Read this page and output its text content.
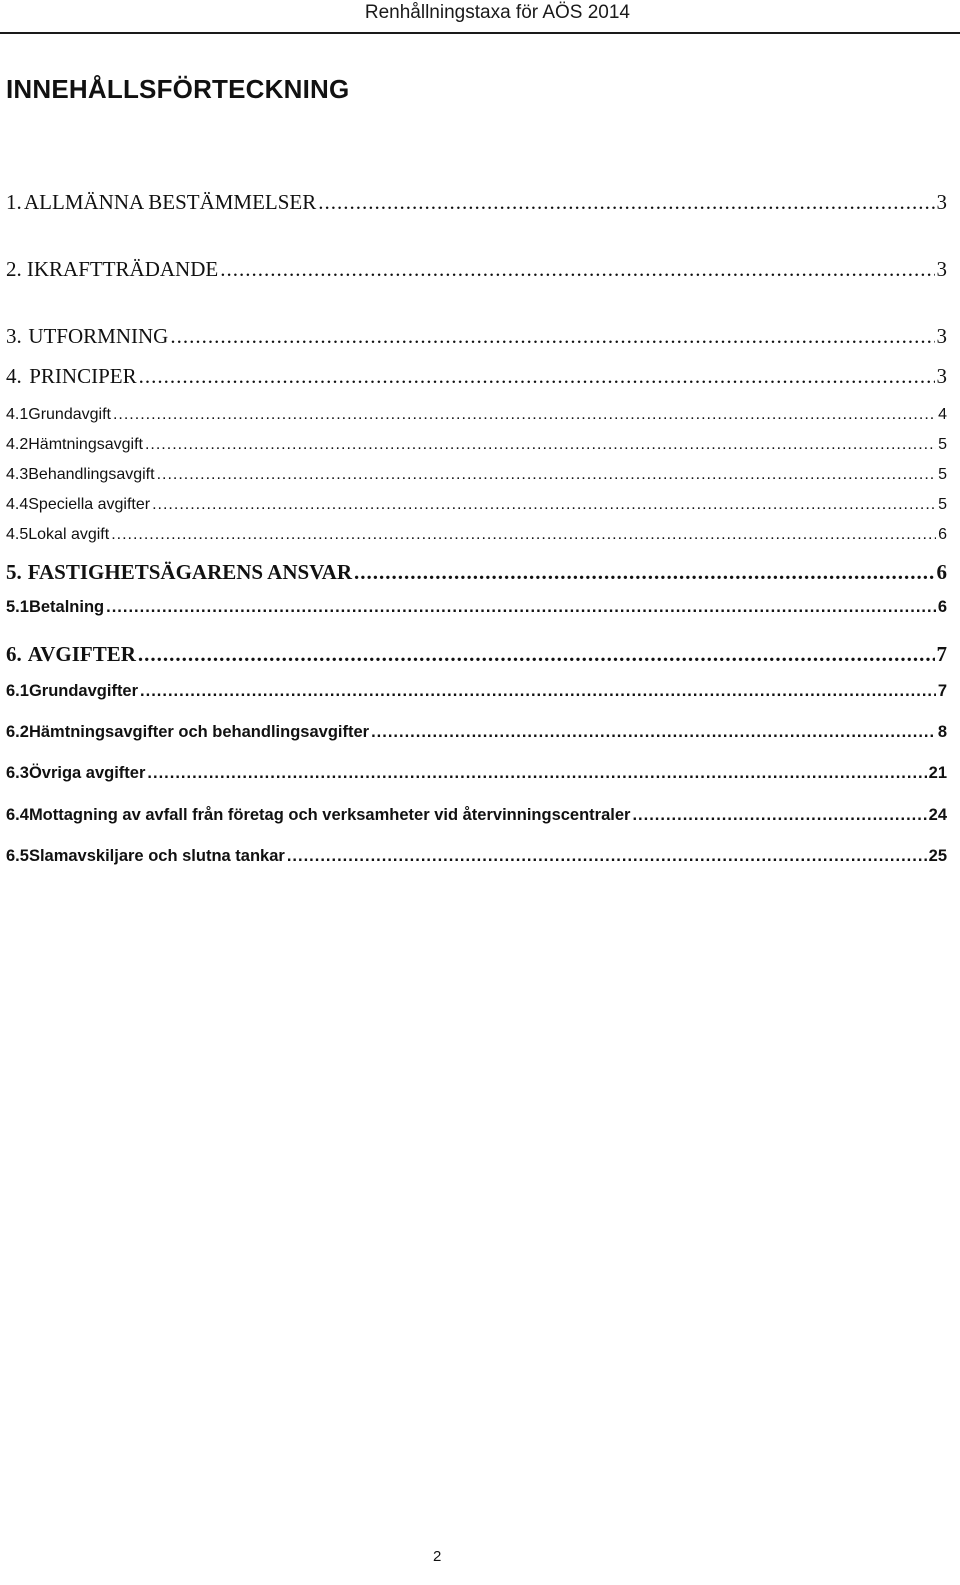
Renhållningstaxa för AÖS 2014
INNEHÅLLSFÖRTECKNING
1. ALLMÄNNA BESTÄMMELSER .....	3
2. IKRAFTTRÄDANDE .....	3
3. UTFORMNING .....	3
4. PRINCIPER .....	3
4.1 Grundavgift .....	4
4.2 Hämtningsavgift .....	5
4.3 Behandlingsavgift .....	5
4.4 Speciella avgifter .....	5
4.5 Lokal avgift .....	6
5. FASTIGHETSÄGARENS ANSVAR .....	6
5.1 Betalning .....	6
6. AVGIFTER .....	7
6.1 Grundavgifter .....	7
6.2 Hämtningsavgifter och behandlingsavgifter .....	8
6.3 Övriga avgifter .....	21
6.4 Mottagning av avfall från företag och verksamheter vid återvinningscentraler .....	24
6.5 Slamavskiljare och slutna tankar .....	25
2
